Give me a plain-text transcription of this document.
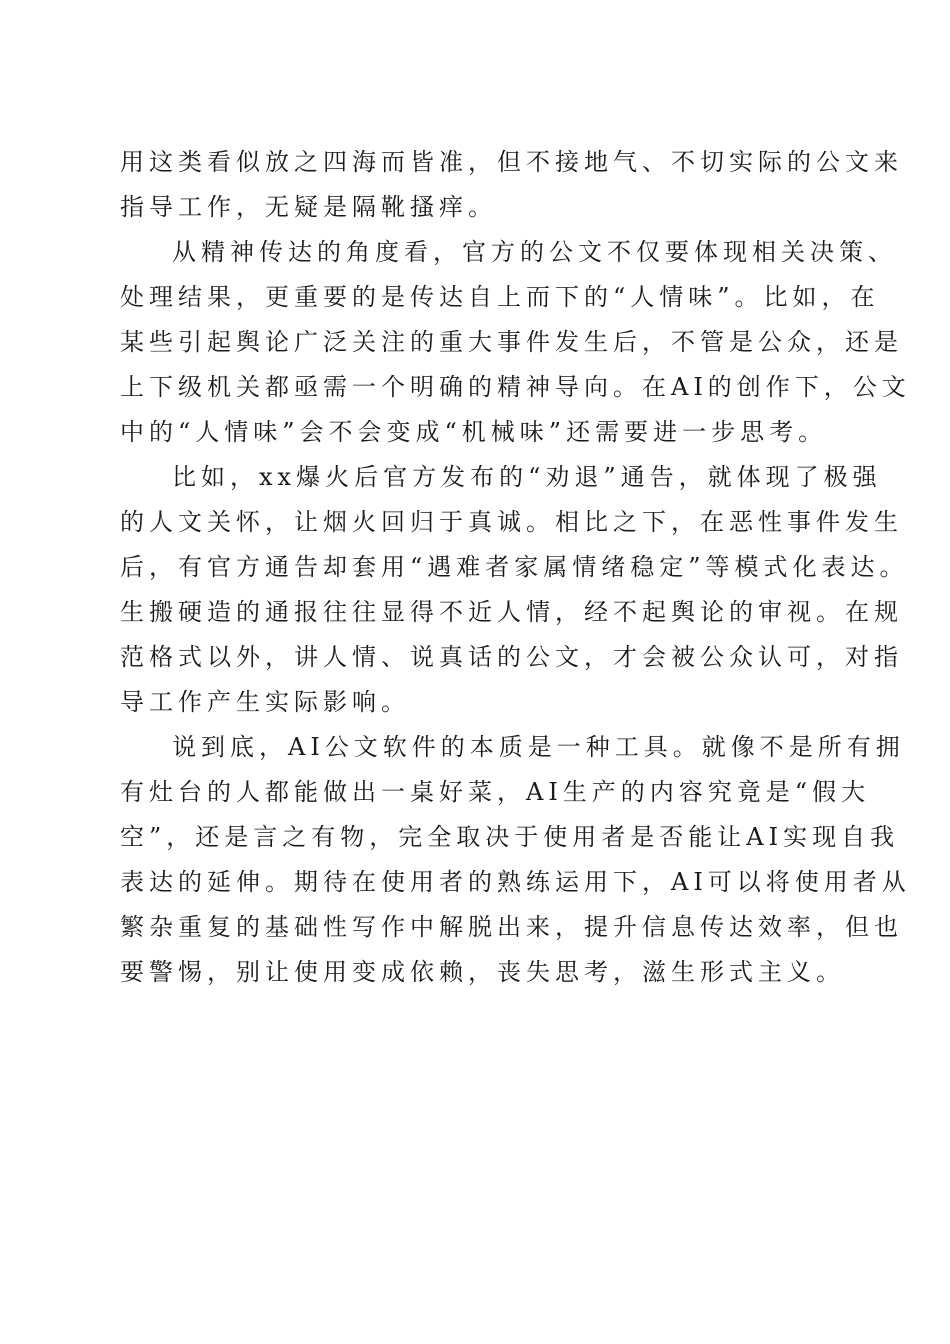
用这类看似放之四海而皆准，但不接地气、不切实际的公文来
指导工作，无疑是隔靴搔痒。
从精神传达的角度看，官方的公文不仅要体现相关决策、
处理结果，更重要的是传达自上而下的“人情味”。比如，在
某些引起舆论广泛关注的重大事件发生后，不管是公众，还是
上下级机关都亟需一个明确的精神导向。在AI的创作下，公文
中的“人情味”会不会变成“机械味”还需要进一步思考。
比如，xx爆火后官方发布的“劝退”通告，就体现了极强
的人文关怀，让烟火回归于真诚。相比之下，在恶性事件发生
后，有官方通告却套用“遇难者家属情绪稳定”等模式化表达。
生搬硬造的通报往往显得不近人情，经不起舆论的审视。在规
范格式以外，讲人情、说真话的公文，才会被公众认可，对指
导工作产生实际影响。
说到底，AI公文软件的本质是一种工具。就像不是所有拥
有灶台的人都能做出一桌好菜，AI生产的内容究竟是“假大
空”，还是言之有物，完全取决于使用者是否能让AI实现自我
表达的延伸。期待在使用者的熟练运用下，AI可以将使用者从
繁杂重复的基础性写作中解脱出来，提升信息传达效率，但也
要警惕，别让使用变成依赖，丧失思考，滋生形式主义。
